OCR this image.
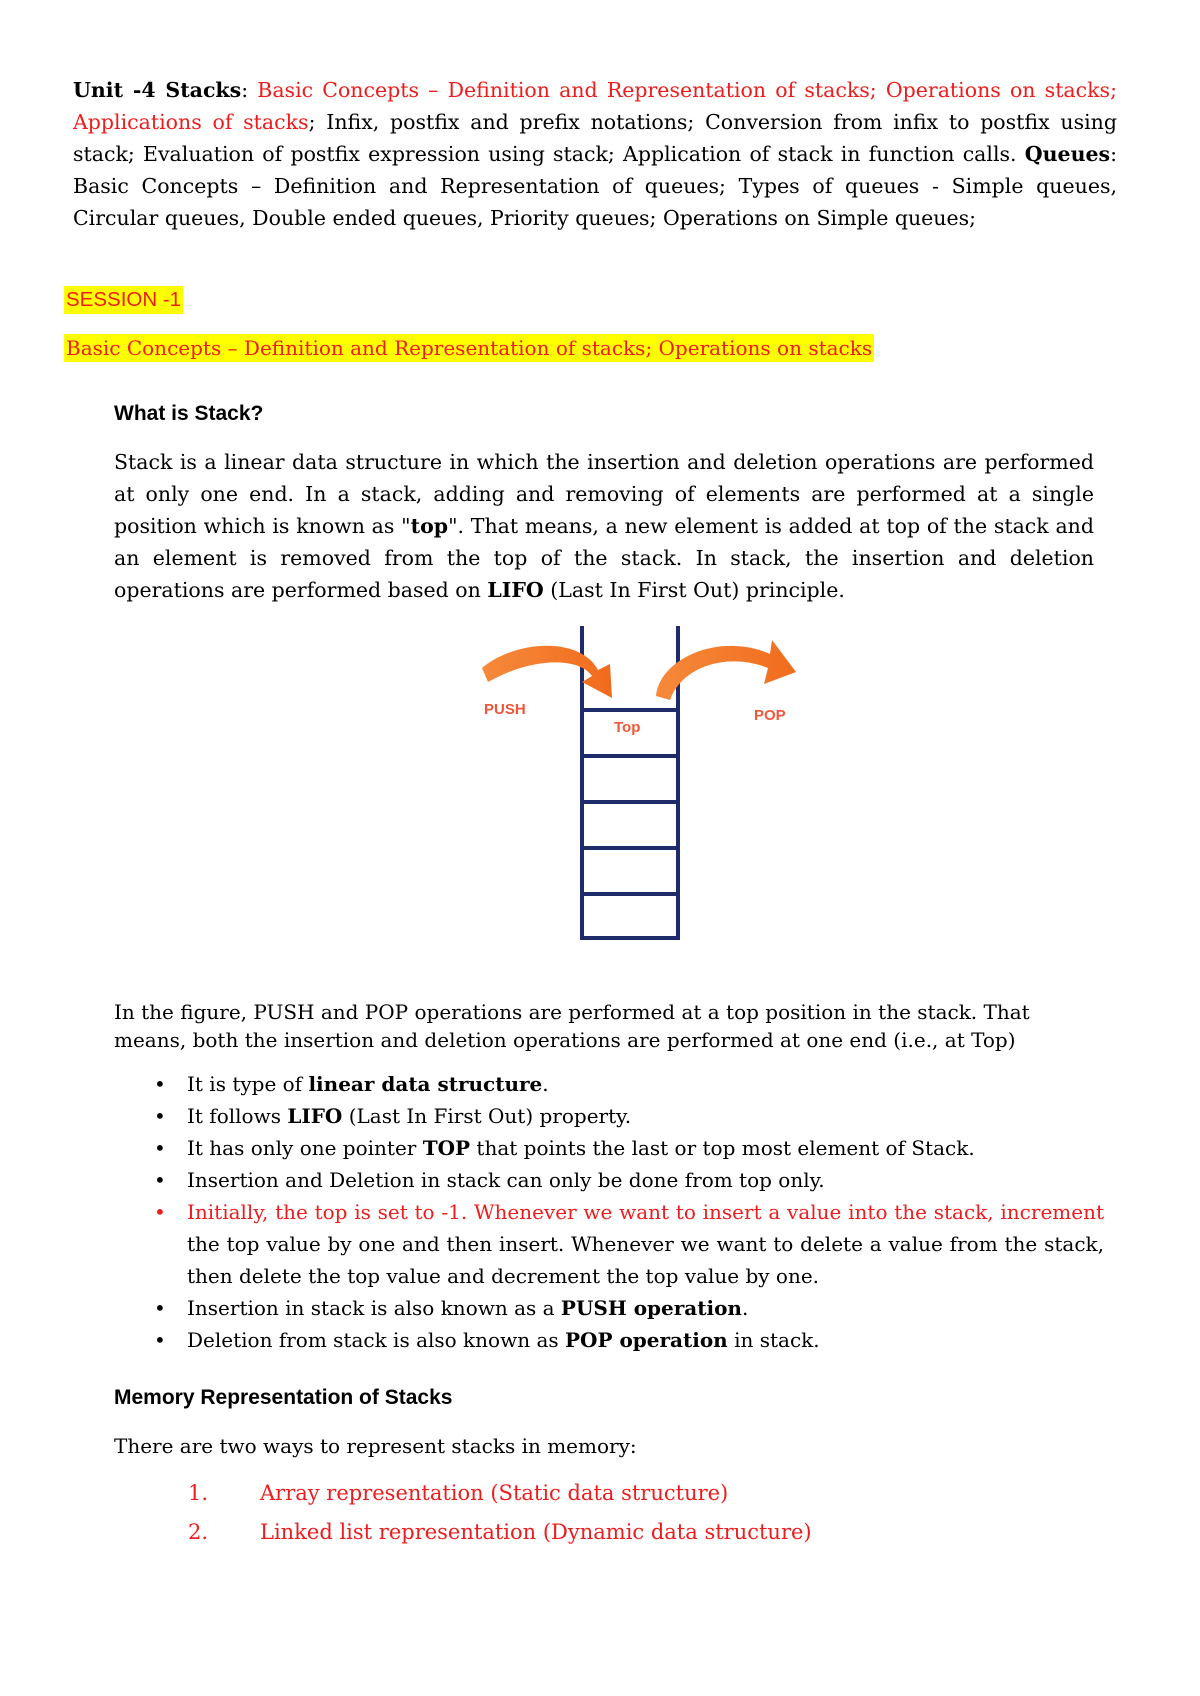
Unit -4 Stacks: Basic Concepts – Definition and Representation of stacks; Operations on stacks; Applications of stacks; Infix, postfix and prefix notations; Conversion from infix to postfix using stack; Evaluation of postfix expression using stack; Application of stack in function calls. Queues: Basic Concepts – Definition and Representation of queues; Types of queues - Simple queues, Circular queues, Double ended queues, Priority queues; Operations on Simple queues;
SESSION -1
Basic Concepts – Definition and Representation of stacks; Operations on stacks
What is Stack?
Stack is a linear data structure in which the insertion and deletion operations are performed at only one end. In a stack, adding and removing of elements are performed at a single position which is known as "top". That means, a new element is added at top of the stack and an element is removed from the top of the stack. In stack, the insertion and deletion operations are performed based on LIFO (Last In First Out) principle.
PUSH
Top
POP
In the figure, PUSH and POP operations are performed at a top position in the stack. That means, both the insertion and deletion operations are performed at one end (i.e., at Top)
• It is type of linear data structure.
• It follows LIFO (Last In First Out) property.
• It has only one pointer TOP that points the last or top most element of Stack.
• Insertion and Deletion in stack can only be done from top only.
• Initially, the top is set to -1. Whenever we want to insert a value into the stack, increment the top value by one and then insert. Whenever we want to delete a value from the stack, then delete the top value and decrement the top value by one.
• Insertion in stack is also known as a PUSH operation.
• Deletion from stack is also known as POP operation in stack.
Memory Representation of Stacks
There are two ways to represent stacks in memory:
1. Array representation (Static data structure)
2. Linked list representation (Dynamic data structure)
